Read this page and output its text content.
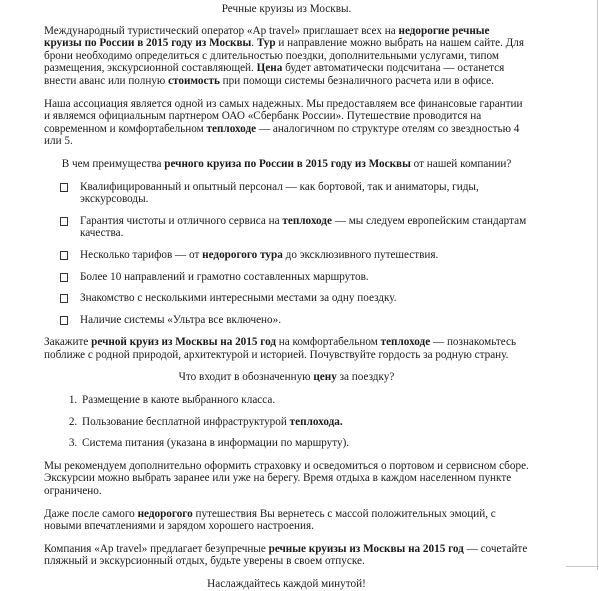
Речные круизы из Москвы.

Международный туристический оператор «Ap travel» приглашает всех на недорогие речные круизы по России в 2015 году из Москвы. Тур и направление можно выбрать на нашем сайте. Для брони необходимо определиться с длительностью поездки, дополнительными услугами, типом размещения, экскурсионной составляющей. Цена будет автоматически подсчитана — останется внести аванс или полную стоимость при помощи системы безналичного расчета или в офисе.

Наша ассоциация является одной из самых надежных. Мы предоставляем все финансовые гарантии и являемся официальным партнером ОАО «Сбербанк России». Путешествие проводится на современном и комфортабельном теплоходе — аналогичном по структуре отелям со звездностью 4 или 5.

В чем преимущества речного круиза по России в 2015 году из Москвы от нашей компании?

Квалифицированный и опытный персонал — как бортовой, так и аниматоры, гиды, экскурсоводы.
Гарантия чистоты и отличного сервиса на теплоходе — мы следуем европейским стандартам качества.
Несколько тарифов — от недорогого тура до эксклюзивного путешествия.
Более 10 направлений и грамотно составленных маршрутов.
Знакомство с несколькими интересными местами за одну поездку.
Наличие системы «Ультра все включено».

Закажите речной круиз из Москвы на 2015 год на комфортабельном теплоходе — познакомьтесь поближе с родной природой, архитектурой и историей. Почувствуйте гордость за родную страну.

Что входит в обозначенную цену за поездку?

1. Размещение в каюте выбранного класса.
2. Пользование бесплатной инфраструктурой теплохода.
3. Система питания (указана в информации по маршруту).

Мы рекомендуем дополнительно оформить страховку и осведомиться о портовом и сервисном сборе. Экскурсии можно выбрать заранее или уже на берегу. Время отдыха в каждом населенном пункте ограничено.

Даже после самого недорогого путешествия Вы вернетесь с массой положительных эмоций, с новыми впечатлениями и зарядом хорошего настроения.

Компания «Ap travel» предлагает безупречные речные круизы из Москвы на 2015 год — сочетайте пляжный и экскурсионный отдых, будьте уверены в своем отпуске.

Наслаждайтесь каждой минутой!
